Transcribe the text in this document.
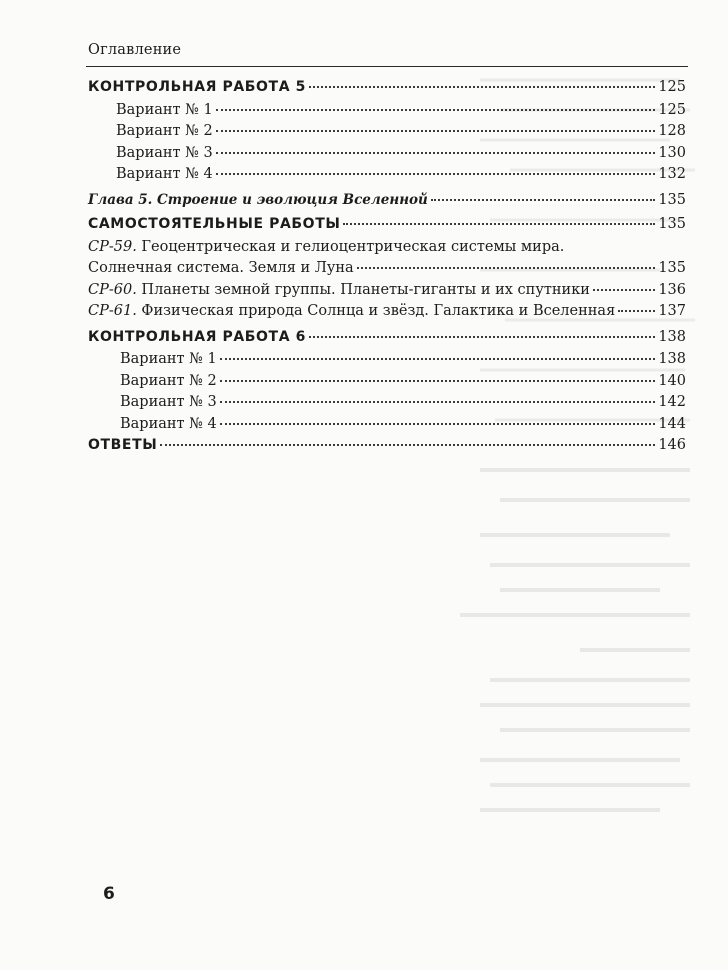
Оглавление
КОНТРОЛЬНАЯ РАБОТА 5	125
Вариант № 1	125
Вариант № 2	128
Вариант № 3	130
Вариант № 4	132
Глава 5. Строение и эволюция Вселенной	135
САМОСТОЯТЕЛЬНЫЕ РАБОТЫ	135
СР-59. Геоцентрическая и гелиоцентрическая системы мира.
Солнечная система. Земля и Луна	135
СР-60. Планеты земной группы. Планеты-гиганты и их спутники	136
СР-61. Физическая природа Солнца и звёзд. Галактика и Вселенная	137
КОНТРОЛЬНАЯ РАБОТА 6	138
Вариант № 1	138
Вариант № 2	140
Вариант № 3	142
Вариант № 4	144
ОТВЕТЫ	146
6
